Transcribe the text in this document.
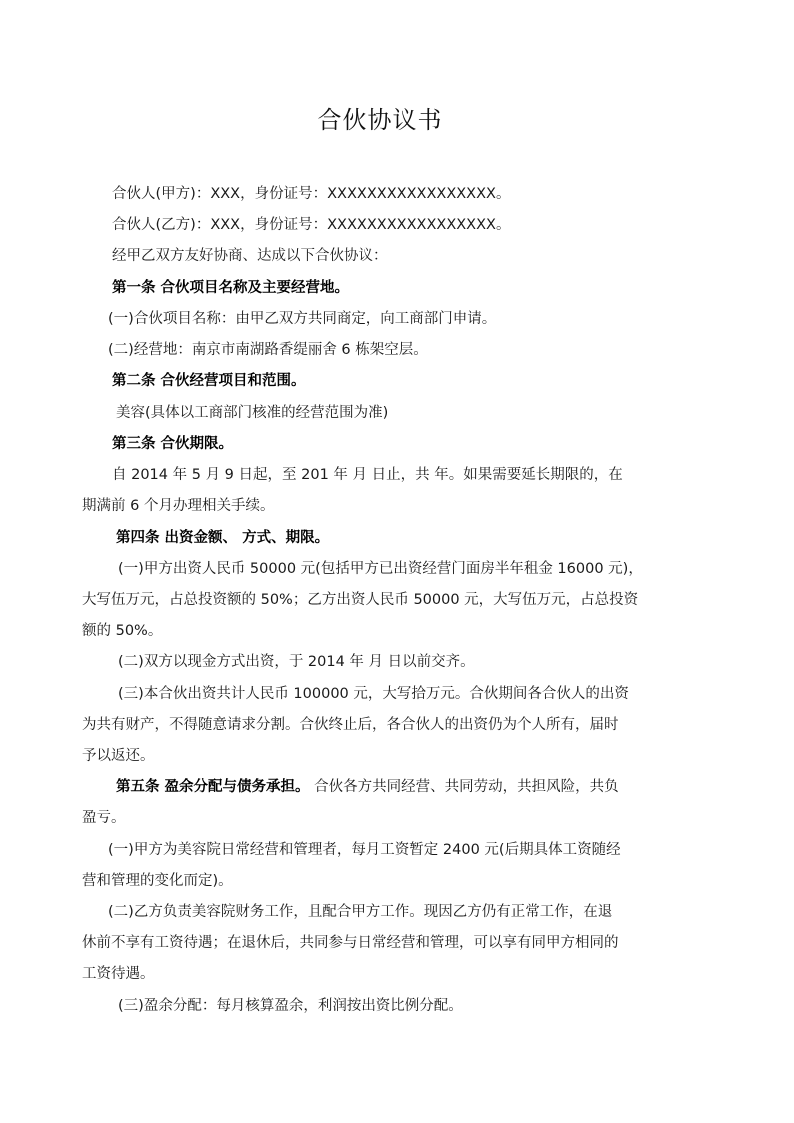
合伙协议书
合伙人(甲方)：XXX，身份证号：XXXXXXXXXXXXXXXXX。
合伙人(乙方)：XXX，身份证号：XXXXXXXXXXXXXXXXX。
经甲乙双方友好协商、达成以下合伙协议：
第一条 合伙项目名称及主要经营地。
(一)合伙项目名称：由甲乙双方共同商定，向工商部门申请。
(二)经营地：南京市南湖路香缇丽舍 6 栋架空层。
第二条 合伙经营项目和范围。
美容(具体以工商部门核准的经营范围为准)
第三条 合伙期限。
自 2014 年 5 月 9 日起，至 201 年 月 日止，共 年。如果需要延长期限的，在
期满前 6 个月办理相关手续。
第四条 出资金额、 方式、期限。
(一)甲方出资人民币 50000 元(包括甲方已出资经营门面房半年租金 16000 元)，
大写伍万元，占总投资额的 50%；乙方出资人民币 50000 元，大写伍万元，占总投资
额的 50%。
(二)双方以现金方式出资，于 2014 年 月 日以前交齐。
(三)本合伙出资共计人民币 100000 元，大写拾万元。合伙期间各合伙人的出资
为共有财产，不得随意请求分割。合伙终止后，各合伙人的出资仍为个人所有，届时
予以返还。
第五条 盈余分配与债务承担。 合伙各方共同经营、共同劳动，共担风险，共负
盈亏。
(一)甲方为美容院日常经营和管理者，每月工资暂定 2400 元(后期具体工资随经
营和管理的变化而定)。
(二)乙方负责美容院财务工作，且配合甲方工作。现因乙方仍有正常工作，在退
休前不享有工资待遇；在退休后，共同参与日常经营和管理，可以享有同甲方相同的
工资待遇。
(三)盈余分配：每月核算盈余，利润按出资比例分配。
